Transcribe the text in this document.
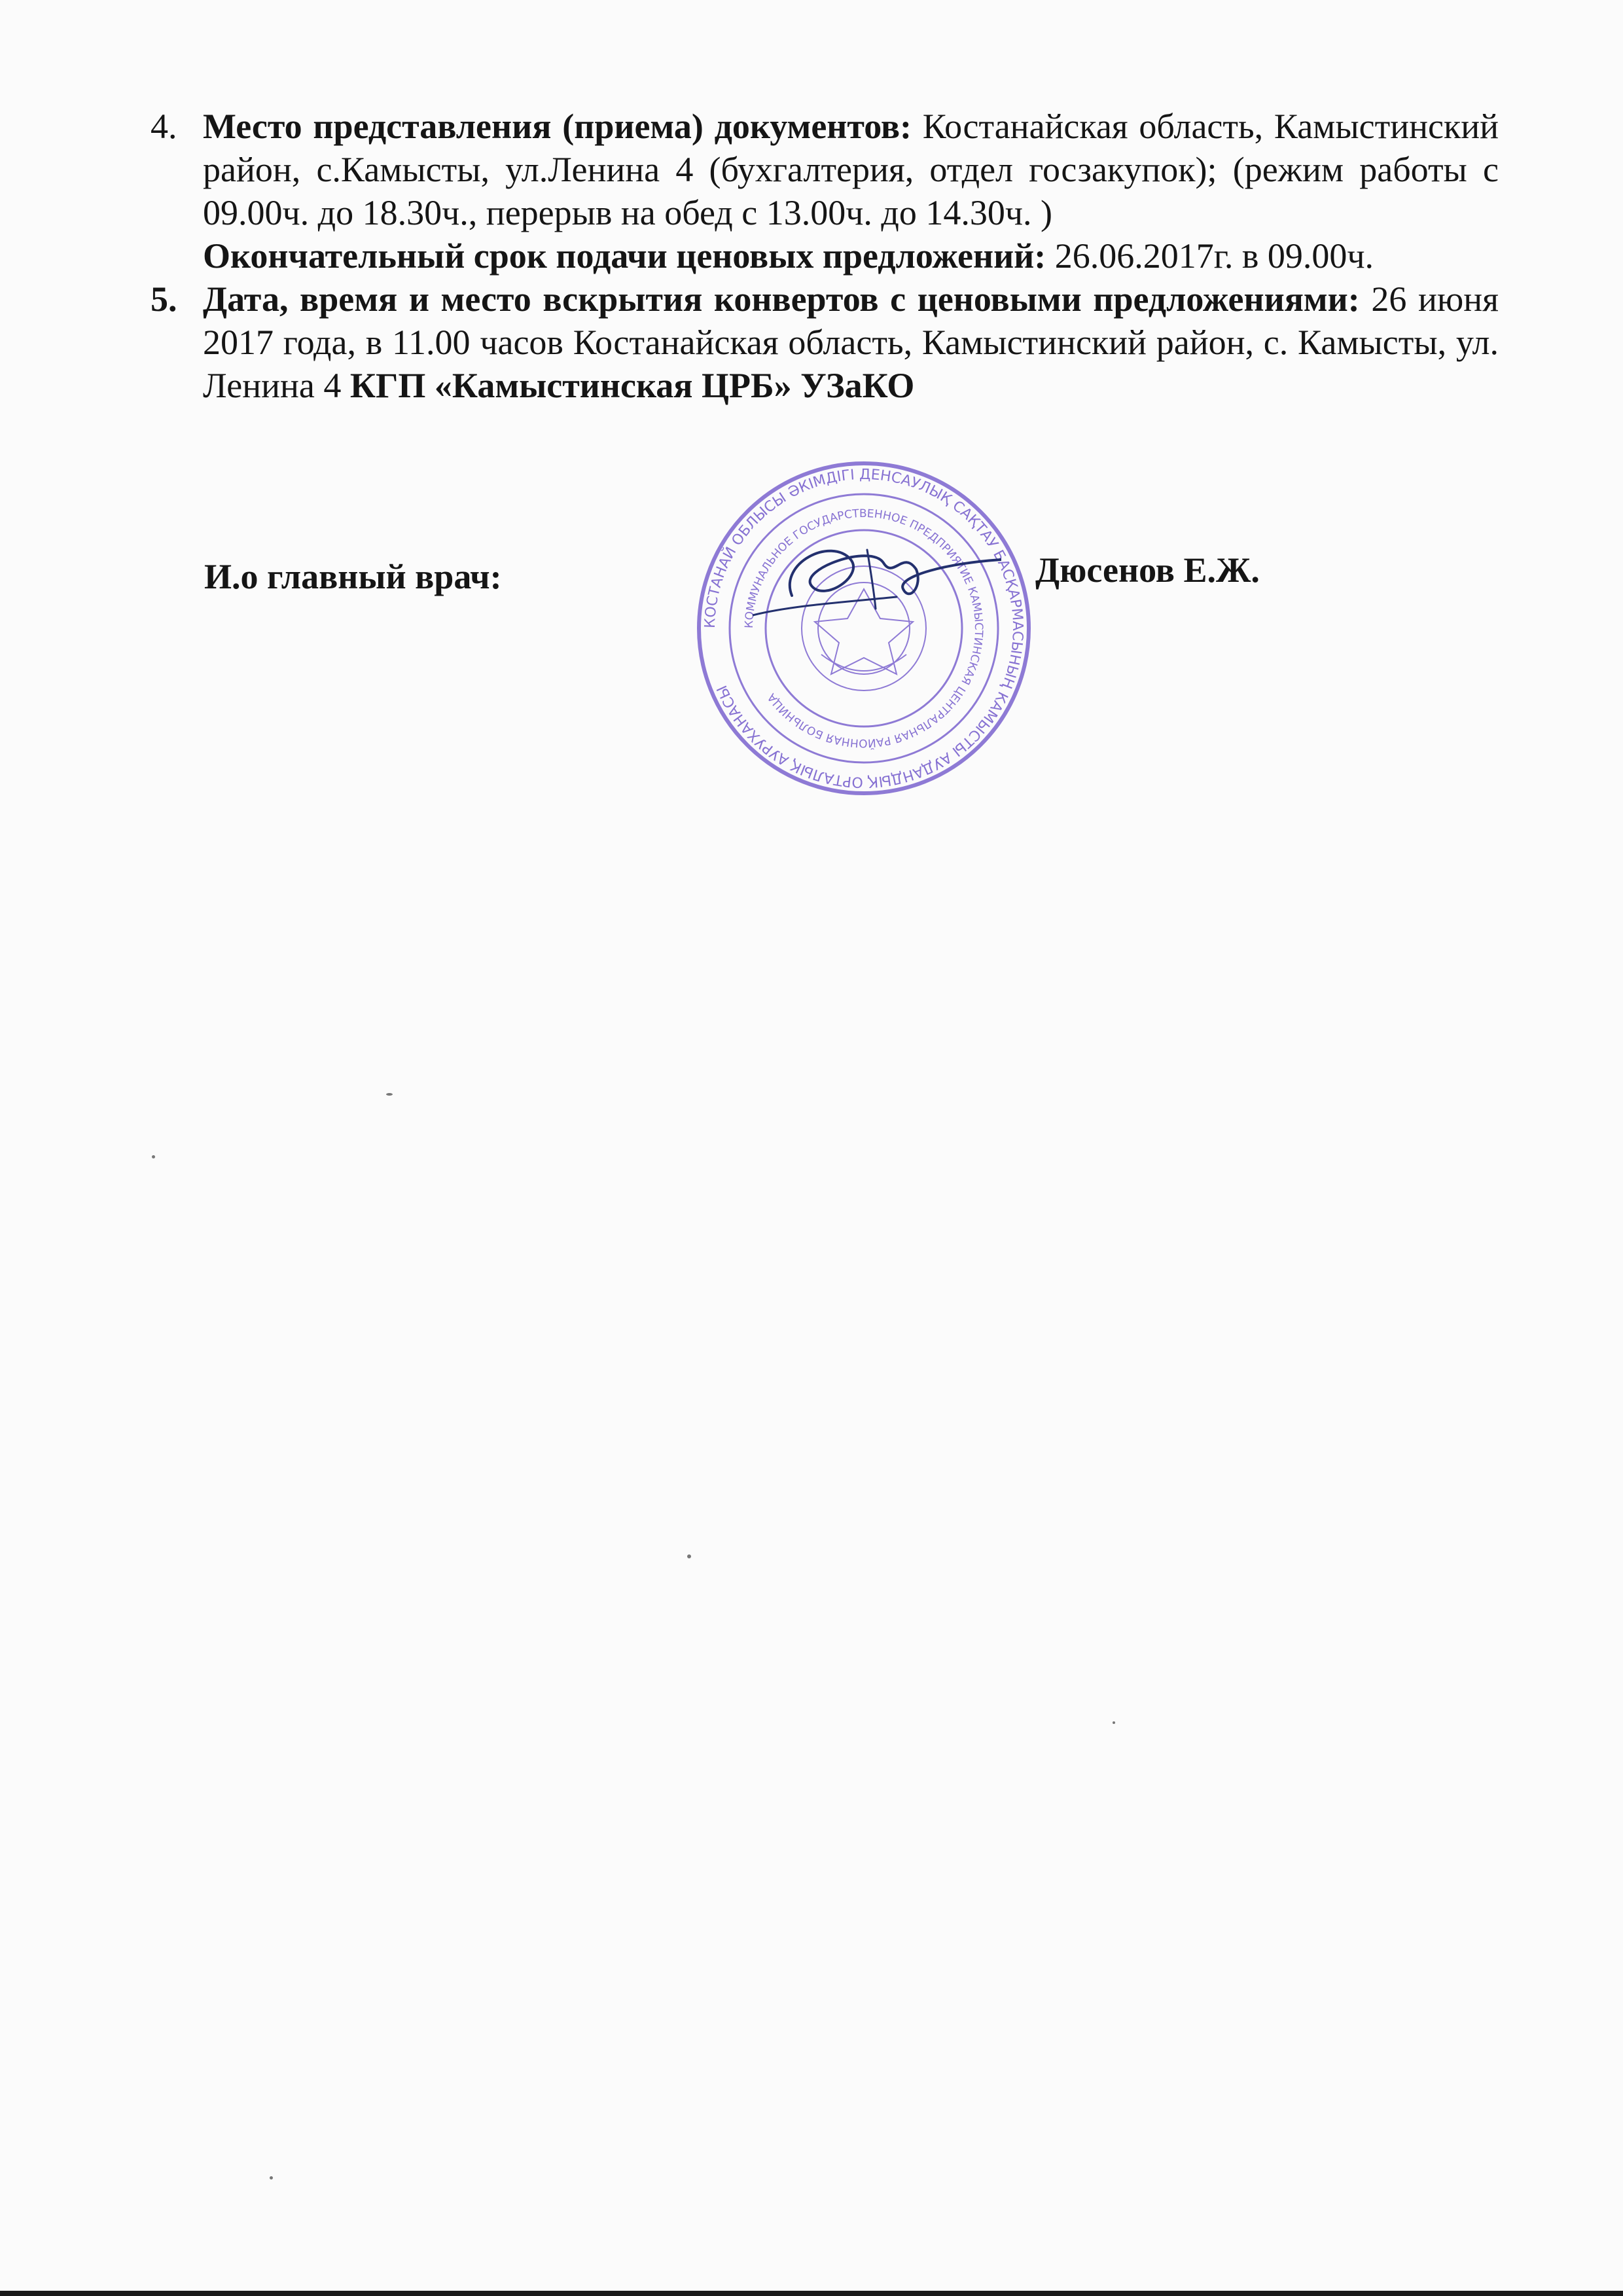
4. Место представления (приема) документов: Костанайская область, Камыстинский район, с.Камысты, ул.Ленина 4 (бухгалтерия, отдел госзакупок); (режим работы с 09.00ч. до 18.30ч., перерыв на обед с 13.00ч. до 14.30ч. )
Окончательный срок подачи ценовых предложений: 26.06.2017г. в 09.00ч.
5. Дата, время и место вскрытия конвертов с ценовыми предложениями: 26 июня 2017 года, в 11.00 часов Костанайская область, Камыстинский район, с. Камысты, ул. Ленина 4 КГП «Камыстинская ЦРБ» УЗаКО
КОСТАНАЙ ОБЛЫСЫ ӘКІМДІГІ ДЕНСАУЛЫҚ САҚТАУ БАСҚАРМАСЫНЫҢ КАМЫСТЫ АУДАНДЫҚ ОРТАЛЫҚ АУРУХАНАСЫ
КОММУНАЛЬНОЕ ГОСУДАРСТВЕННОЕ ПРЕДПРИЯТИЕ КАМЫСТИНСКАЯ ЦЕНТРАЛЬНАЯ РАЙОННАЯ БОЛЬНИЦА
И.о главный врач:	Дюсенов Е.Ж.
